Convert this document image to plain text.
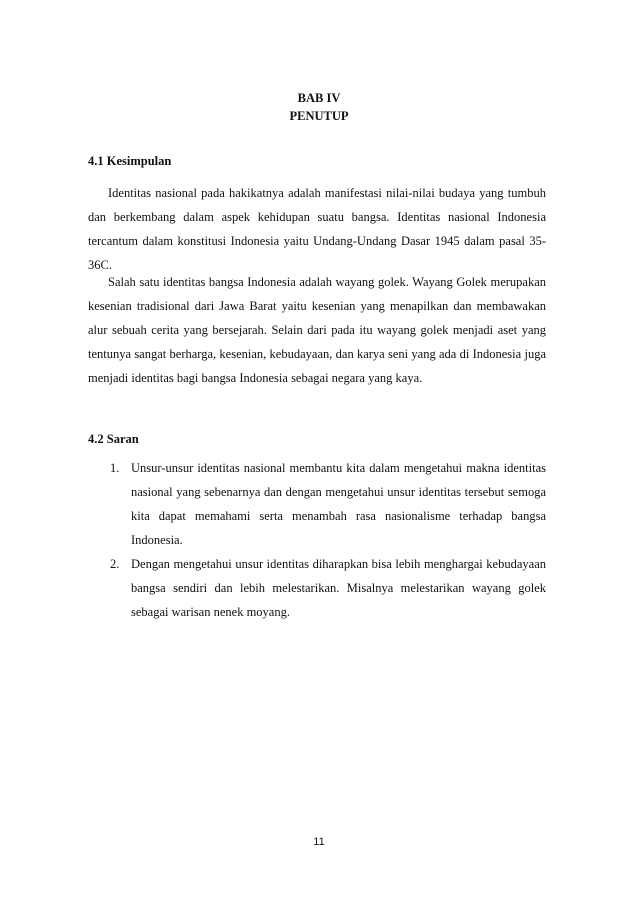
BAB IV
PENUTUP
4.1 Kesimpulan

Identitas nasional pada hakikatnya adalah manifestasi nilai-nilai budaya yang tumbuh dan berkembang dalam aspek kehidupan suatu bangsa. Identitas nasional Indonesia tercantum dalam konstitusi Indonesia yaitu Undang-Undang Dasar 1945 dalam pasal 35-36C.

Salah satu identitas bangsa Indonesia adalah wayang golek. Wayang Golek merupakan kesenian tradisional dari Jawa Barat yaitu kesenian yang menapilkan dan membawakan alur sebuah cerita yang bersejarah. Selain dari pada itu wayang golek menjadi aset yang tentunya sangat berharga, kesenian, kebudayaan, dan karya seni yang ada di Indonesia juga menjadi identitas bagi bangsa Indonesia sebagai negara yang kaya.

4.2 Saran
1. Unsur-unsur identitas nasional membantu kita dalam mengetahui makna identitas nasional yang sebenarnya dan dengan mengetahui unsur identitas tersebut semoga kita dapat memahami serta menambah rasa nasionalisme terhadap bangsa Indonesia.
2. Dengan mengetahui unsur identitas diharapkan bisa lebih menghargai kebudayaan bangsa sendiri dan lebih melestarikan. Misalnya melestarikan wayang golek sebagai warisan nenek moyang.
11
